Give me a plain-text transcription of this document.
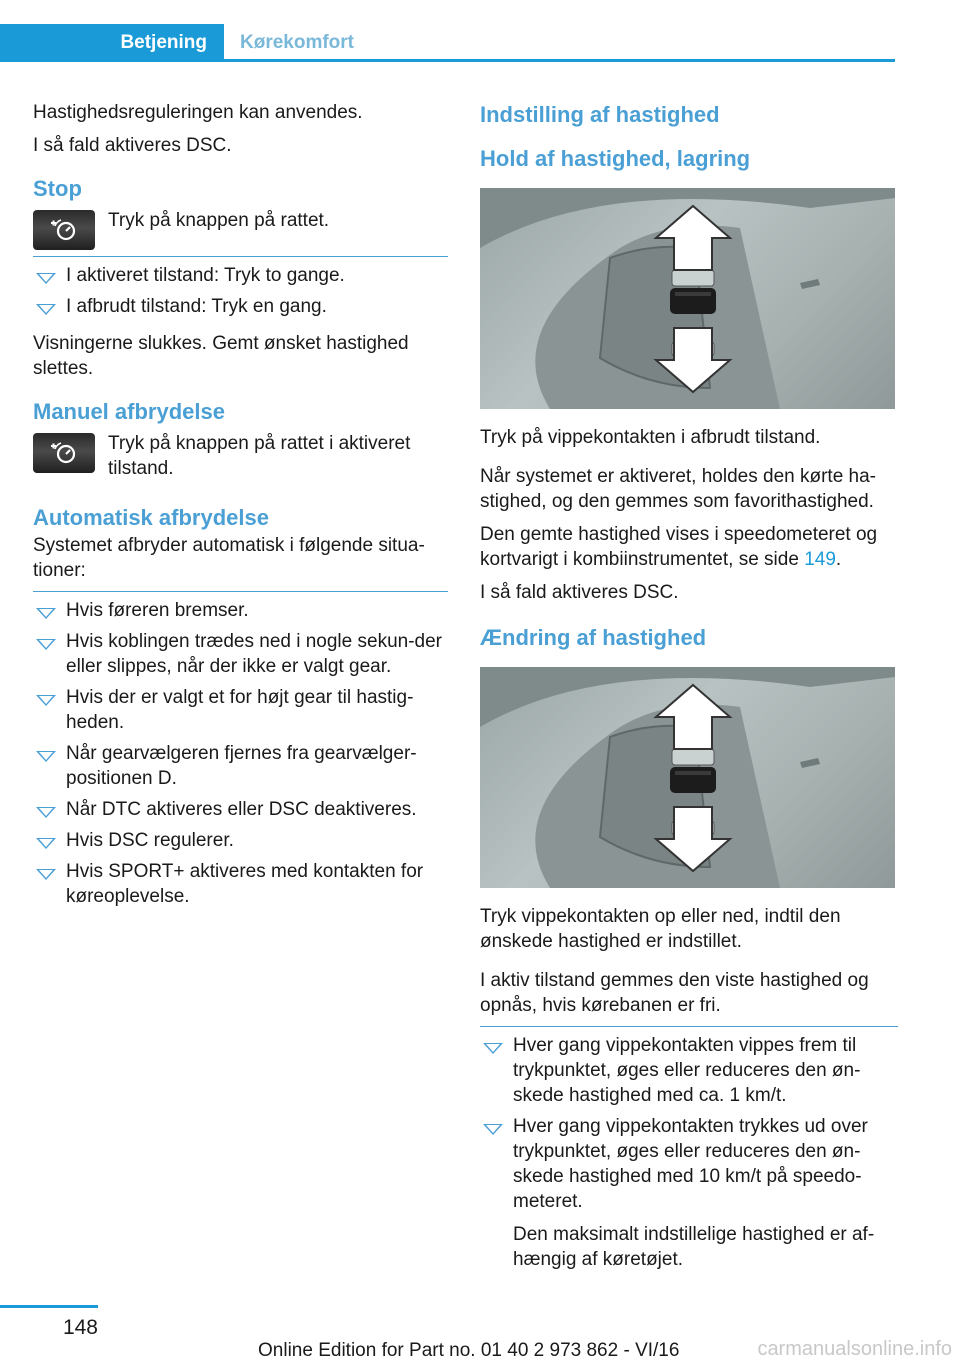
Betjening	Kørekomfort

Hastighedsreguleringen kan anvendes.

I så fald aktiveres DSC.

Stop
Tryk på knappen på rattet.
I aktiveret tilstand: Tryk to gange.
I afbrudt tilstand: Tryk en gang.

Visningerne slukkes. Gemt ønsket hastighed slettes.

Manuel afbrydelse
Tryk på knappen på rattet i aktiveret tilstand.
Automatisk afbrydelse

Systemet afbryder automatisk i følgende situa‐tioner:

Hvis føreren bremser.
Hvis koblingen trædes ned i nogle sekun‐der eller slippes, når der ikke er valgt gear.
Hvis der er valgt et for højt gear til hastig‐heden.
Når gearvælgeren fjernes fra gearvælger‐positionen D.
Når DTC aktiveres eller DSC deaktiveres.
Hvis DSC regulerer.
Hvis SPORT+ aktiveres med kontakten for køreoplevelse.
Indstilling af hastighed
Hold af hastighed, lagring

Tryk på vippekontakten i afbrudt tilstand.

Når systemet er aktiveret, holdes den kørte ha‐stighed, og den gemmes som favorithastighed.

Den gemte hastighed vises i speedometeret og kortvarigt i kombiinstrumentet, se side 149.

I så fald aktiveres DSC.

Ændring af hastighed

Tryk vippekontakten op eller ned, indtil den ønskede hastighed er indstillet.

I aktiv tilstand gemmes den viste hastighed og opnås, hvis kørebanen er fri.

Hver gang vippekontakten vippes frem til trykpunktet, øges eller reduceres den øn‐skede hastighed med ca. 1 km/t.
Hver gang vippekontakten trykkes ud over trykpunktet, øges eller reduceres den øn‐skede hastighed med 10 km/t på speedo‐meteret.

Den maksimalt indstillelige hastighed er af‐hængig af køretøjet.

148
Online Edition for Part no. 01 40 2 973 862 - VI/16	carmanualsonline.info
